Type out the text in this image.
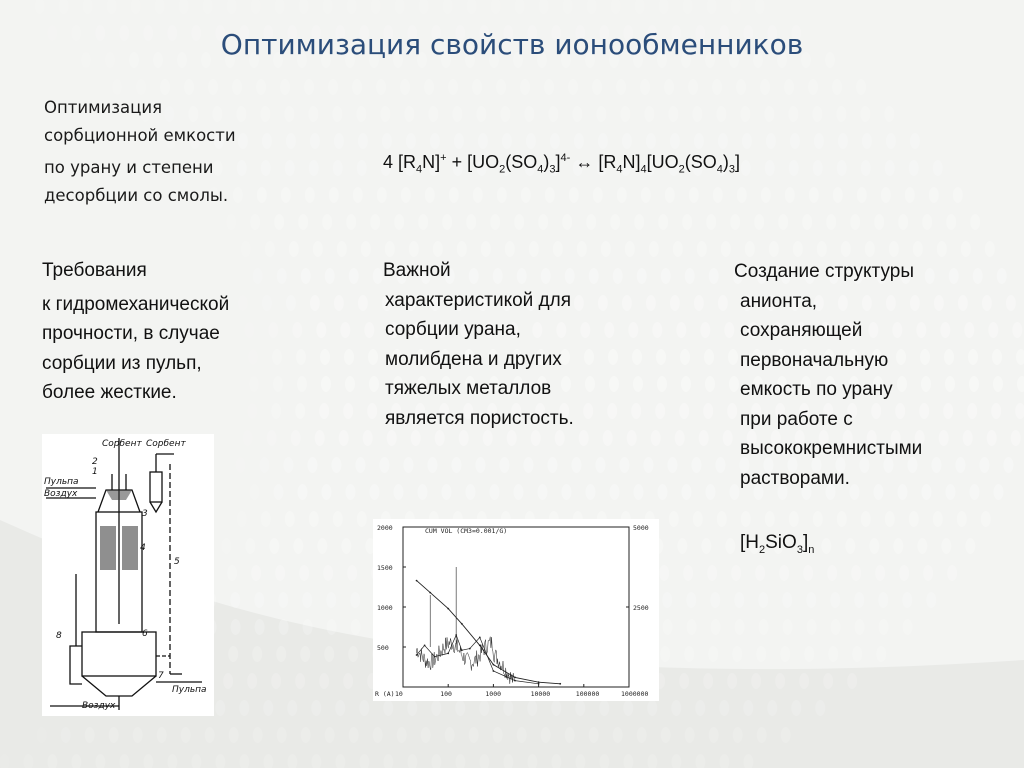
Оптимизация свойств ионообменников
Оптимизация
сорбционной емкости
по урану и степени
десорбции со смолы.
4 $[R_4N]^+ + [UO_2(SO_4)_3]^{4-}$ ↔ $[R_4N]_4[UO_2(SO_4)_3]$
Требования
к гидромеханической
прочности, в случае
сорбции из пульп,
более жесткие.
Важной
характеристикой для
сорбции урана,
молибдена и других
тяжелых металлов
является пористость.
Создание структуры
анионта,
сохраняющей
первоначальную
емкость по урану
при работе с
высококремнистыми
растворами.
$[H_2SiO_3]_n$
Сорбент Сорбент
Пульпа
Воздух
Пульпа
Воздух
1
2
3
4
5
6
7
8
CUM VOL (CM3=0.001/G)
2000
1500
1000
500
5000
2500
10	100	1000	10000	100000	1000000
R (A)
